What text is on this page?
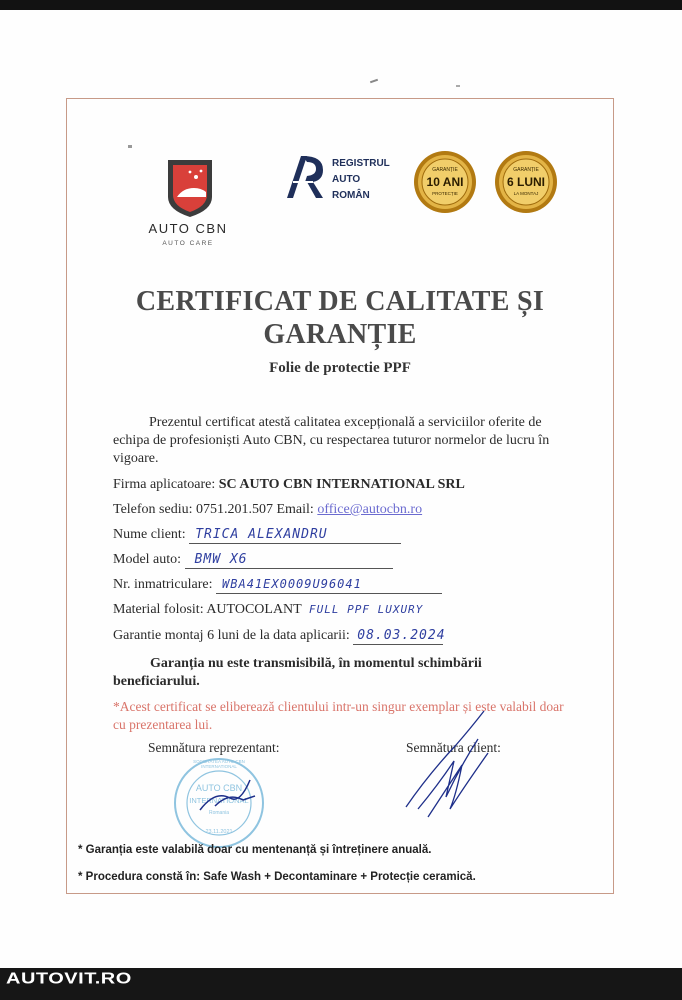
AUTO CBN
AUTO CARE
REGISTRUL
AUTO
ROMÂN
GARANȚIE
10 ANI
PROTECȚIE
GARANȚIE
6 LUNI
LA MONTAJ
CERTIFICAT DE CALITATE ȘI
GARANȚIE
Folie de protectie PPF
Prezentul certificat atestă calitatea excepțională a serviciilor oferite de echipa de profesioniști Auto CBN, cu respectarea tuturor normelor de lucru în vigoare.
Firma aplicatoare: SC AUTO CBN INTERNATIONAL SRL
Telefon sediu: 0751.201.507 Email: office@autocbn.ro
Nume client: TRICA ALEXANDRU
Model auto: BMW X6
Nr. inmatriculare: WBA41EX0009U96041
Material folosit: AUTOCOLANT FULL PPF LUXURY
Garantie montaj 6 luni de la data aplicarii: 08.03.2024
Garanția nu este transmisibilă, în momentul schimbării
beneficiarului.
*Acest certificat se eliberează clientului intr-un singur exemplar și este valabil doar cu prezentarea lui.
Semnătura reprezentant:	Semnătura client:
SOCIETATEA AUTO CBN INTERNATIONAL
AUTO CBN
INTERNATIONAL
Romania
23.11.2021
* Garanția este valabilă doar cu mentenanță și întreținere anuală.
* Procedura constă în: Safe Wash + Decontaminare + Protecție ceramică.
AUTOVIT.RO
